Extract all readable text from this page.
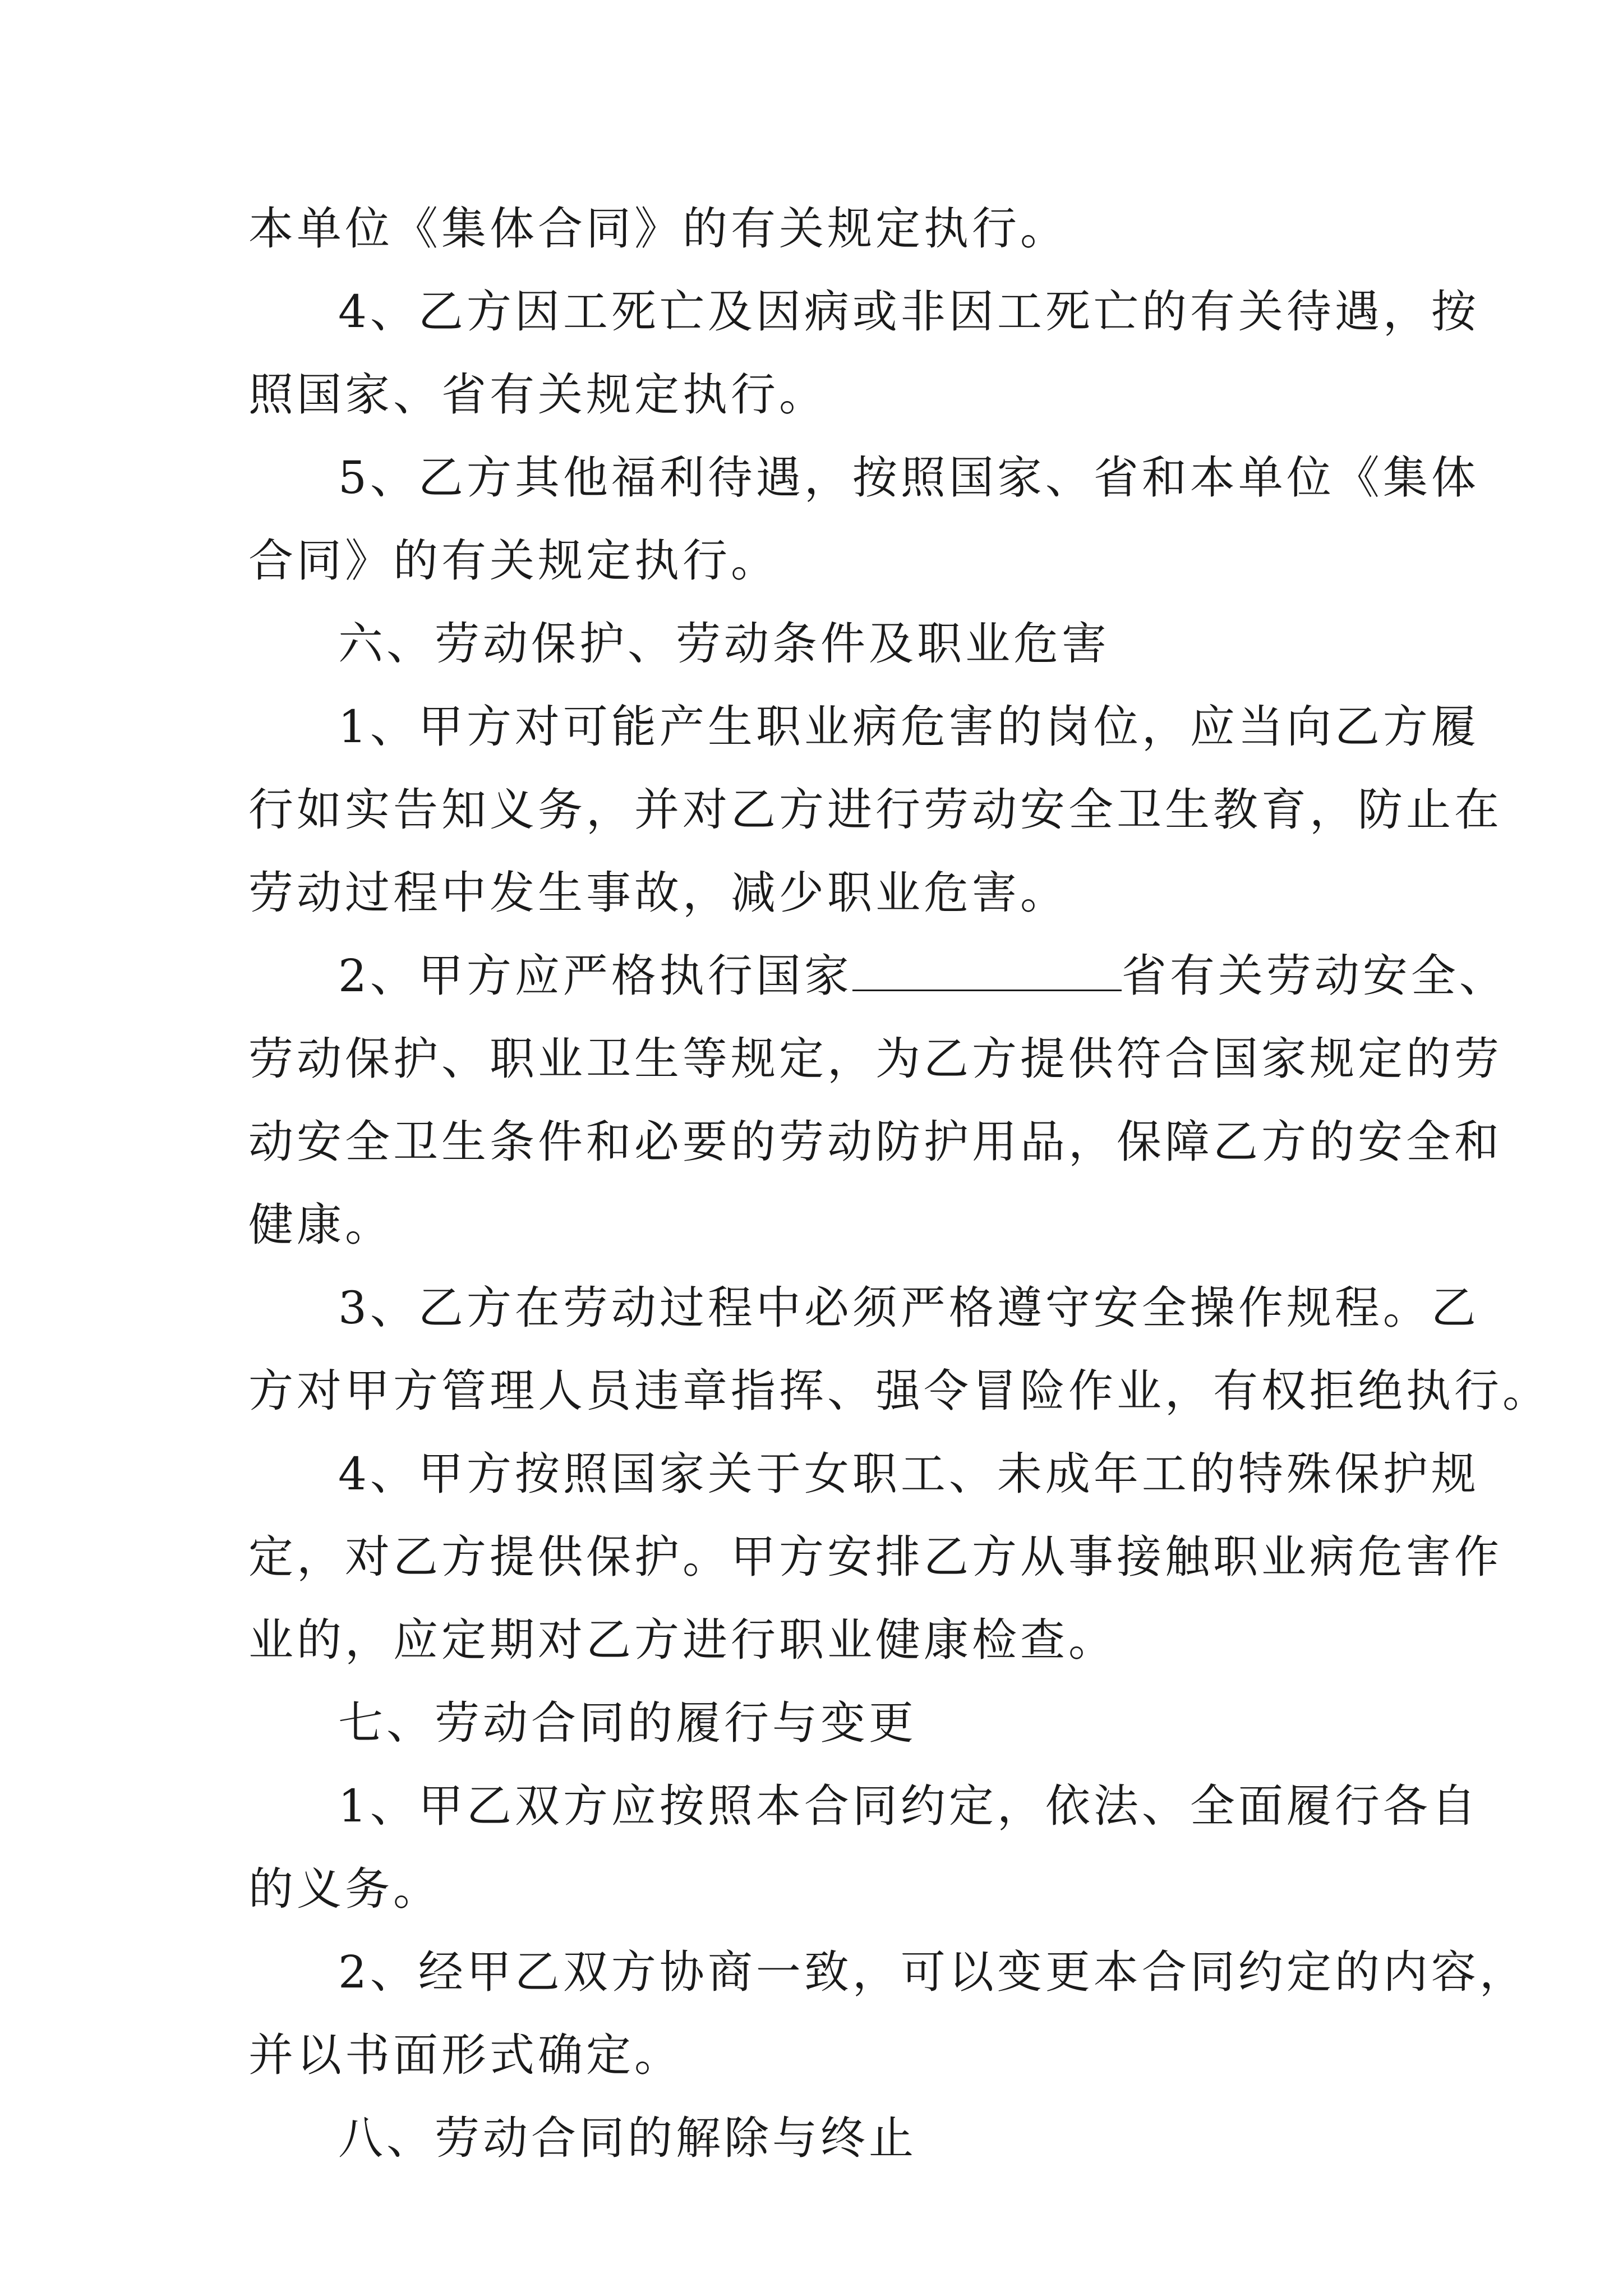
本单位《集体合同》的有关规定执行。
4、乙方因工死亡及因病或非因工死亡的有关待遇，按
照国家、省有关规定执行。
5、乙方其他福利待遇，按照国家、省和本单位《集体
合同》的有关规定执行。
六、劳动保护、劳动条件及职业危害
1、甲方对可能产生职业病危害的岗位，应当向乙方履
行如实告知义务，并对乙方进行劳动安全卫生教育，防止在
劳动过程中发生事故，减少职业危害。
2、甲方应严格执行国家	省有关劳动安全、
劳动保护、职业卫生等规定，为乙方提供符合国家规定的劳
动安全卫生条件和必要的劳动防护用品，保障乙方的安全和
健康。
3、乙方在劳动过程中必须严格遵守安全操作规程。乙
方对甲方管理人员违章指挥、强令冒险作业，有权拒绝执行。
4、甲方按照国家关于女职工、未成年工的特殊保护规
定，对乙方提供保护。甲方安排乙方从事接触职业病危害作
业的，应定期对乙方进行职业健康检查。
七、劳动合同的履行与变更
1、甲乙双方应按照本合同约定，依法、全面履行各自
的义务。
2、经甲乙双方协商一致，可以变更本合同约定的内容，
并以书面形式确定。
八、劳动合同的解除与终止
